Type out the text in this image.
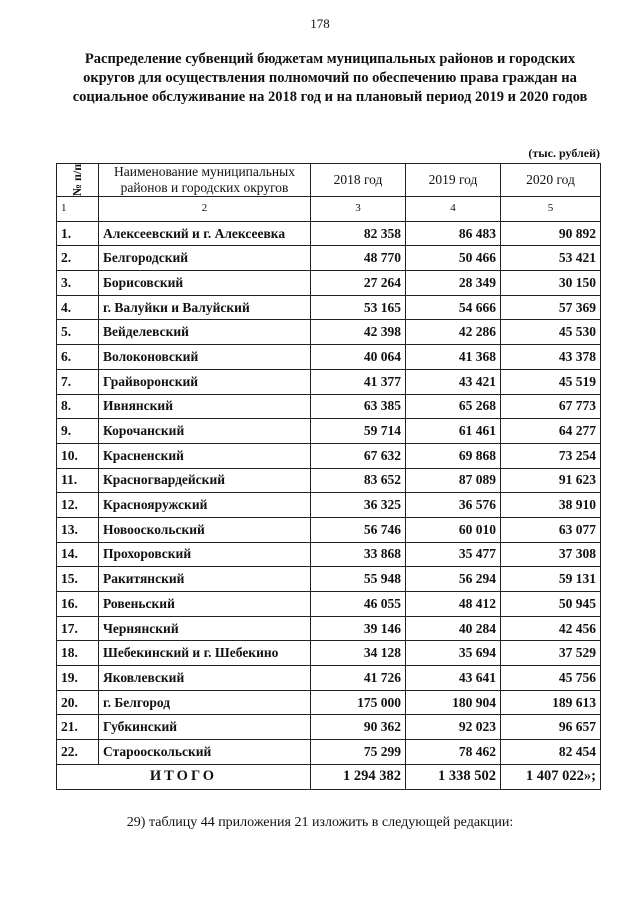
178
Распределение субвенций бюджетам муниципальных районов и городских округов для осуществления полномочий по обеспечению права граждан на социальное обслуживание на 2018 год и на плановый период 2019 и 2020 годов
(тыс. рублей)
№ п/п	Наименование муниципальных районов и городских округов	2018 год	2019 год	2020 год
1	2	3	4	5
1.	Алексеевский и г. Алексеевка	82 358	86 483	90 892
2.	Белгородский	48 770	50 466	53 421
3.	Борисовский	27 264	28 349	30 150
4.	г. Валуйки и Валуйский	53 165	54 666	57 369
5.	Вейделевский	42 398	42 286	45 530
6.	Волоконовский	40 064	41 368	43 378
7.	Грайворонский	41 377	43 421	45 519
8.	Ивнянский	63 385	65 268	67 773
9.	Корочанский	59 714	61 461	64 277
10.	Красненский	67 632	69 868	73 254
11.	Красногвардейский	83 652	87 089	91 623
12.	Краснояружский	36 325	36 576	38 910
13.	Новооскольский	56 746	60 010	63 077
14.	Прохоровский	33 868	35 477	37 308
15.	Ракитянский	55 948	56 294	59 131
16.	Ровеньский	46 055	48 412	50 945
17.	Чернянский	39 146	40 284	42 456
18.	Шебекинский и г. Шебекино	34 128	35 694	37 529
19.	Яковлевский	41 726	43 641	45 756
20.	г. Белгород	175 000	180 904	189 613
21.	Губкинский	90 362	92 023	96 657
22.	Старооскольский	75 299	78 462	82 454
ИТОГО		1 294 382	1 338 502	1 407 022»;
29) таблицу 44 приложения 21 изложить в следующей редакции:
